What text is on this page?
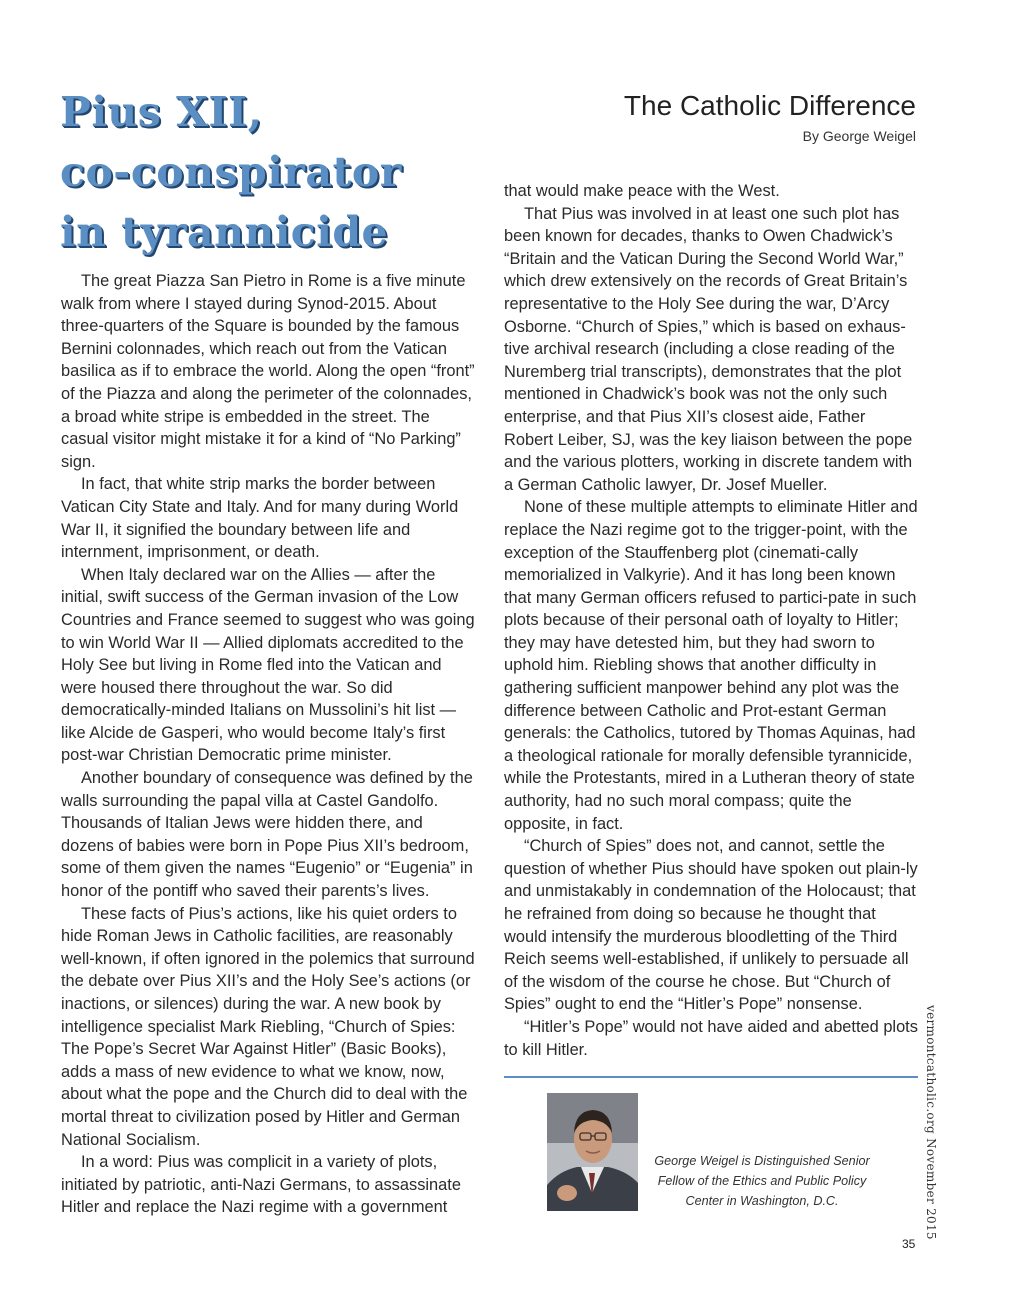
Pius XII,
co-conspirator
in tyrannicide
The Catholic Difference
By George Weigel

The great Piazza San Pietro in Rome is a five minute walk from where I stayed during Synod-2015. About three-quarters of the Square is bounded by the famous Bernini colonnades, which reach out from the Vatican basilica as if to embrace the world. Along the open “front” of the Piazza and along the perimeter of the colonnades, a broad white stripe is embedded in the street. The casual visitor might mistake it for a kind of “No Parking” sign.

In fact, that white strip marks the border between Vatican City State and Italy. And for many during World War II, it signified the boundary between life and internment, imprisonment, or death.

When Italy declared war on the Allies — after the initial, swift success of the German invasion of the Low Countries and France seemed to suggest who was going to win World War II — Allied diplomats accredited to the Holy See but living in Rome fled into the Vatican and were housed there throughout the war. So did democratically-minded Italians on Mussolini’s hit list — like Alcide de Gasperi, who would become Italy’s first post-war Christian Democratic prime minister.

Another boundary of consequence was defined by the walls surrounding the papal villa at Castel Gandolfo. Thousands of Italian Jews were hidden there, and dozens of babies were born in Pope Pius XII’s bedroom, some of them given the names “Eugenio” or “Eugenia” in honor of the pontiff who saved their parents’s lives.

These facts of Pius’s actions, like his quiet orders to hide Roman Jews in Catholic facilities, are reasonably well-known, if often ignored in the polemics that surround the debate over Pius XII’s and the Holy See’s actions (or inactions, or silences) during the war. A new book by intelligence specialist Mark Riebling, “Church of Spies: The Pope’s Secret War Against Hitler” (Basic Books), adds a mass of new evidence to what we know, now, about what the pope and the Church did to deal with the mortal threat to civilization posed by Hitler and German National Socialism.

In a word: Pius was complicit in a variety of plots, initiated by patriotic, anti-Nazi Germans, to assassinate Hitler and replace the Nazi regime with a government

that would make peace with the West.

That Pius was involved in at least one such plot has been known for decades, thanks to Owen Chadwick’s “Britain and the Vatican During the Second World War,” which drew extensively on the records of Great Britain’s representative to the Holy See during the war, D’Arcy Osborne. “Church of Spies,” which is based on exhaus-tive archival research (including a close reading of the Nuremberg trial transcripts), demonstrates that the plot mentioned in Chadwick’s book was not the only such enterprise, and that Pius XII’s closest aide, Father Robert Leiber, SJ, was the key liaison between the pope and the various plotters, working in discrete tandem with a German Catholic lawyer, Dr. Josef Mueller.

None of these multiple attempts to eliminate Hitler and replace the Nazi regime got to the trigger-point, with the exception of the Stauffenberg plot (cinemati-cally memorialized in Valkyrie). And it has long been known that many German officers refused to partici-pate in such plots because of their personal oath of loyalty to Hitler; they may have detested him, but they had sworn to uphold him. Riebling shows that another difficulty in gathering sufficient manpower behind any plot was the difference between Catholic and Prot-estant German generals: the Catholics, tutored by Thomas Aquinas, had a theological rationale for morally defensible tyrannicide, while the Protestants, mired in a Lutheran theory of state authority, had no such moral compass; quite the opposite, in fact.

“Church of Spies” does not, and cannot, settle the question of whether Pius should have spoken out plain-ly and unmistakably in condemnation of the Holocaust; that he refrained from doing so because he thought that would intensify the murderous bloodletting of the Third Reich seems well-established, if unlikely to persuade all of the wisdom of the course he chose. But “Church of Spies” ought to end the “Hitler’s Pope” nonsense.

“Hitler’s Pope” would not have aided and abetted plots to kill Hitler.

George Weigel is Distinguished Senior Fellow of the Ethics and Public Policy Center in Washington, D.C.	vermontcatholic.org November 2015
35
